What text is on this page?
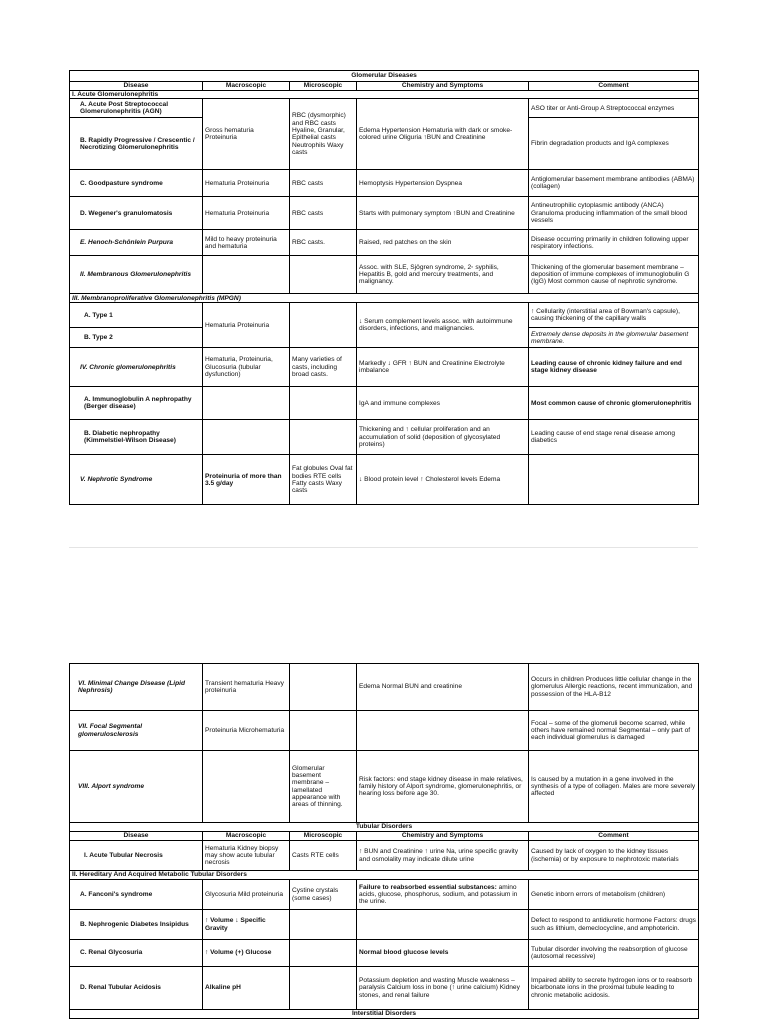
Glomerular Diseases				
Disease	Macroscopic	Microscopic	Chemistry and Symptoms	Comment
I. Acute Glomerulonephritis				
A. Acute Post Streptococcal Glomerulonephritis (AGN)	Gross hematuria Proteinuria	RBC (dysmorphic) and RBC casts Hyaline, Granular, Epithelial casts Neutrophils Waxy casts	Edema Hypertension Hematuria with dark or smoke-colored urine Oliguria ↑BUN and Creatinine	ASO titer or Anti-Group A Streptococcal enzymes
B. Rapidly Progressive / Crescentic / Necrotizing Glomerulonephritis				Fibrin degradation products and IgA complexes
C. Goodpasture syndrome	Hematuria Proteinuria	RBC casts	Hemoptysis Hypertension Dyspnea	Antiglomerular basement membrane antibodies (ABMA) (collagen)
D. Wegener's granulomatosis	Hematuria Proteinuria	RBC casts	Starts with pulmonary symptom ↑BUN and Creatinine	Antineutrophilic cytoplasmic antibody (ANCA) Granuloma producing inflammation of the small blood vessels
E. Henoch-Schönlein Purpura	Mild to heavy proteinuria and hematuria	RBC casts.	Raised, red patches on the skin	Disease occurring primarily in children following upper respiratory infections.
II. Membranous Glomerulonephritis			Assoc. with SLE, Sjögren syndrome, 2◦ syphilis, Hepatitis B, gold and mercury treatments, and malignancy.	Thickening of the glomerular basement membrane – deposition of immune complexes of immunoglobulin G (IgG) Most common cause of nephrotic syndrome.
III. Membranoproliferative Glomerulonephritis (MPGN)				
A. Type 1	Hematuria Proteinuria		↓ Serum complement levels assoc. with autoimmune disorders, infections, and malignancies.	↑ Cellularity (interstitial area of Bowman's capsule), causing thickening of the capillary walls
B. Type 2				Extremely dense deposits in the glomerular basement membrane.
IV. Chronic glomerulonephritis	Hematuria, Proteinuria, Glucosuria (tubular dysfunction)	Many varieties of casts, including broad casts.	Markedly ↓ GFR ↑ BUN and Creatinine Electrolyte imbalance	Leading cause of chronic kidney failure and end stage kidney disease
A. Immunoglobulin A nephropathy (Berger disease)			IgA and immune complexes	Most common cause of chronic glomerulonephritis
B. Diabetic nephropathy (Kimmelstiel-Wilson Disease)			Thickening and ↑ cellular proliferation and an accumulation of solid (deposition of glycosylated proteins)	Leading cause of end stage renal disease among diabetics
V. Nephrotic Syndrome	Proteinuria of more than 3.5 g/day	Fat globules Oval fat bodies RTE cells Fatty casts Waxy casts	↓ Blood protein level ↑ Cholesterol levels Edema	
VI. Minimal Change Disease (Lipid Nephrosis)	Transient hematuria Heavy proteinuria		Edema Normal BUN and creatinine	Occurs in children Produces little cellular change in the glomerulus Allergic reactions, recent immunization, and possession of the HLA-B12
VII. Focal Segmental glomerulosclerosis	Proteinuria Microhematuria			Focal – some of the glomeruli become scarred, while others have remained normal Segmental – only part of each individual glomerulus is damaged
VIII. Alport syndrome		Glomerular basement membrane – lamellated appearance with areas of thinning.	Risk factors: end stage kidney disease in male relatives, family history of Alport syndrome, glomerulonephritis, or hearing loss before age 30.	Is caused by a mutation in a gene involved in the synthesis of a type of collagen. Males are more severely affected
Tubular Disorders				
Disease	Macroscopic	Microscopic	Chemistry and Symptoms	Comment
I. Acute Tubular Necrosis	Hematuria Kidney biopsy may show acute tubular necrosis	Casts RTE cells	↑ BUN and Creatinine ↑ urine Na, urine specific gravity and osmolality may indicate dilute urine	Caused by lack of oxygen to the kidney tissues (ischemia) or by exposure to nephrotoxic materials
II. Hereditary And Acquired Metabolic Tubular Disorders				
A. Fanconi's syndrome	Glycosuria Mild proteinuria	Cystine crystals (some cases)	Failure to reabsorbed essential substances: amino acids, glucose, phosphorus, sodium, and potassium in the urine.	Genetic inborn errors of metabolism (children)
B. Nephrogenic Diabetes Insipidus	↑ Volume ↓ Specific Gravity			Defect to respond to antidiuretic hormone Factors: drugs such as lithium, demeclocycline, and amphotericin.
C. Renal Glycosuria	↑ Volume (+) Glucose		Normal blood glucose levels	Tubular disorder involving the reabsorption of glucose (autosomal recessive)
D. Renal Tubular Acidosis	Alkaline pH		Potassium depletion and wasting Muscle weakness – paralysis Calcium loss in bone (↑ urine calcium) Kidney stones, and renal failure	Impaired ability to secrete hydrogen ions or to reabsorb bicarbonate ions in the proximal tubule leading to chronic metabolic acidosis.
Interstitial Disorders				
